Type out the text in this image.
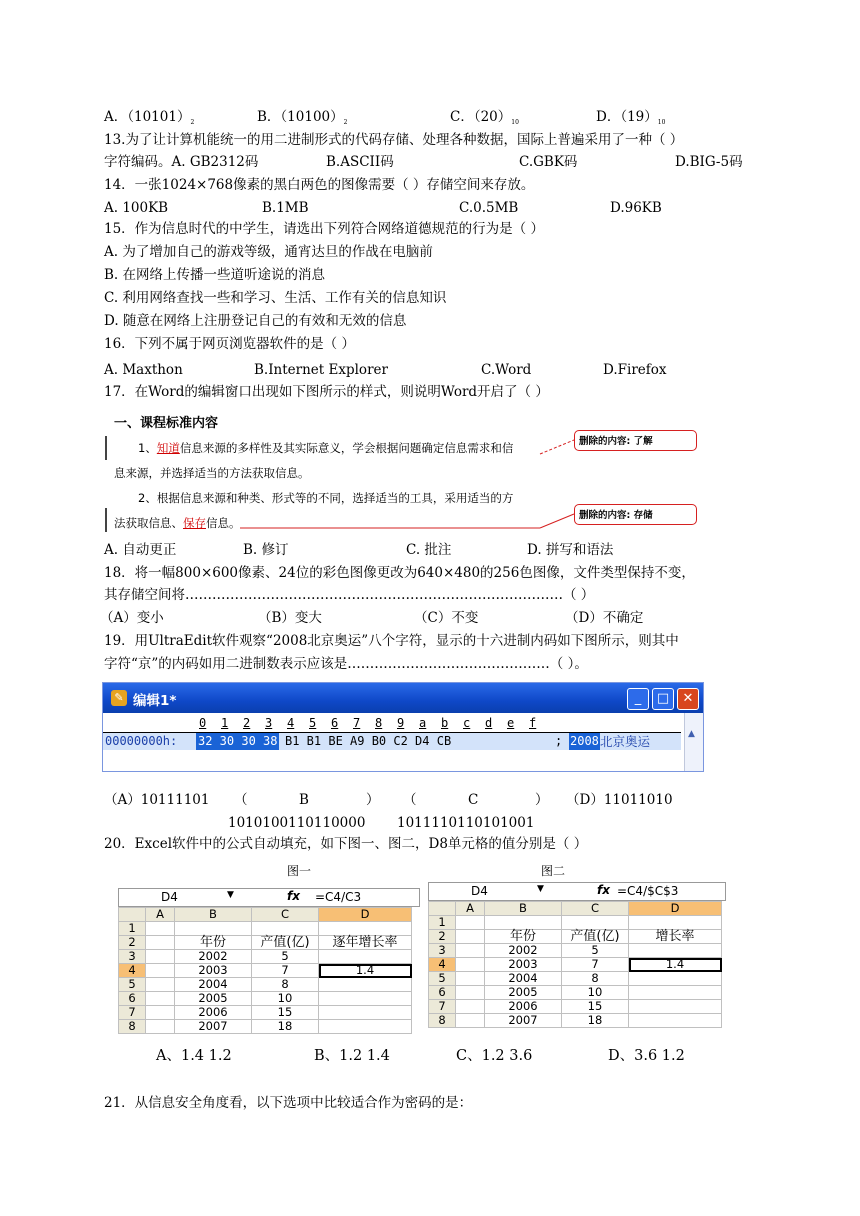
A．$(10101)_2$	B．$(10100)_2$	C．$(20)_{10}$	D．$(19)_{10}$
13.为了让计算机能统一的用二进制形式的代码存储、处理各种数据，国际上普遍采用了一种（ ）
字符编码。A. GB2312码	B.ASCII码	C.GBK码	D.BIG-5码
14．一张1024×768像素的黑白两色的图像需要（ ）存储空间来存放。
A. 100KB	B.1MB	C.0.5MB	D.96KB
15．作为信息时代的中学生，请选出下列符合网络道德规范的行为是（ ）
A. 为了增加自己的游戏等级，通宵达旦的作战在电脑前
B. 在网络上传播一些道听途说的消息
C. 利用网络查找一些和学习、生活、工作有关的信息知识
D. 随意在网络上注册登记自己的有效和无效的信息
16．下列不属于网页浏览器软件的是（ ）
A. Maxthon	B.Internet Explorer	C.Word	D.Firefox
17．在Word的编辑窗口出现如下图所示的样式，则说明Word开启了（ ）
一、课程标准内容
1、知道信息来源的多样性及其实际意义，学会根据问题确定信息需求和信
息来源，并选择适当的方法获取信息。
2、根据信息来源和种类、形式等的不同，选择适当的工具，采用适当的方
法获取信息、保存信息。
删除的内容: 了解
删除的内容: 存储
A. 自动更正	B. 修订	C. 批注	D. 拼写和语法
18．将一幅800×600像素、24位的彩色图像更改为640×480的256色图像，文件类型保持不变，
其存储空间将…………………………………………………………………………（ ）
（A）变小	（B）变大	（C）不变	（D）不确定
19．用UltraEdit软件观察“2008北京奥运”八个字符，显示的十六进制内码如下图所示，则其中
字符“京”的内码如用二进制数表示应该是………………………………………（ ）。
✎ 编辑1*	_	□	✕
0 1 2 3 4 5 6 7 8 9 a b c d e f
00000000h: 32 30 30 38 B1 B1 BE A9 B0 C2 D4 CB	; 2008 北京奥运	▲
（A）10111101 （	B	） （	C	） （D）11011010
1010100110110000 1011110110101001
20．Excel软件中的公式自动填充，如下图一、图二，D8单元格的值分别是（ ）
图一	图二
D4	▼	fx =C4/C3
	A	B	C	D
1				
2		年份	产值(亿)	逐年增长率
3		2002	5	
4		2003	7	1.4
5		2004	8	
6		2005	10	
7		2006	15	
8		2007	18	
D4	▼	fx =C4/$C$3
	A	B	C	D
1				
2		年份	产值(亿)	增长率
3		2002	5	
4		2003	7	1.4
5		2004	8	
6		2005	10	
7		2006	15	
8		2007	18	
A、1.4 1.2	B、1.2 1.4	C、1.2 3.6	D、3.6 1.2
21．从信息安全角度看，以下选项中比较适合作为密码的是：
